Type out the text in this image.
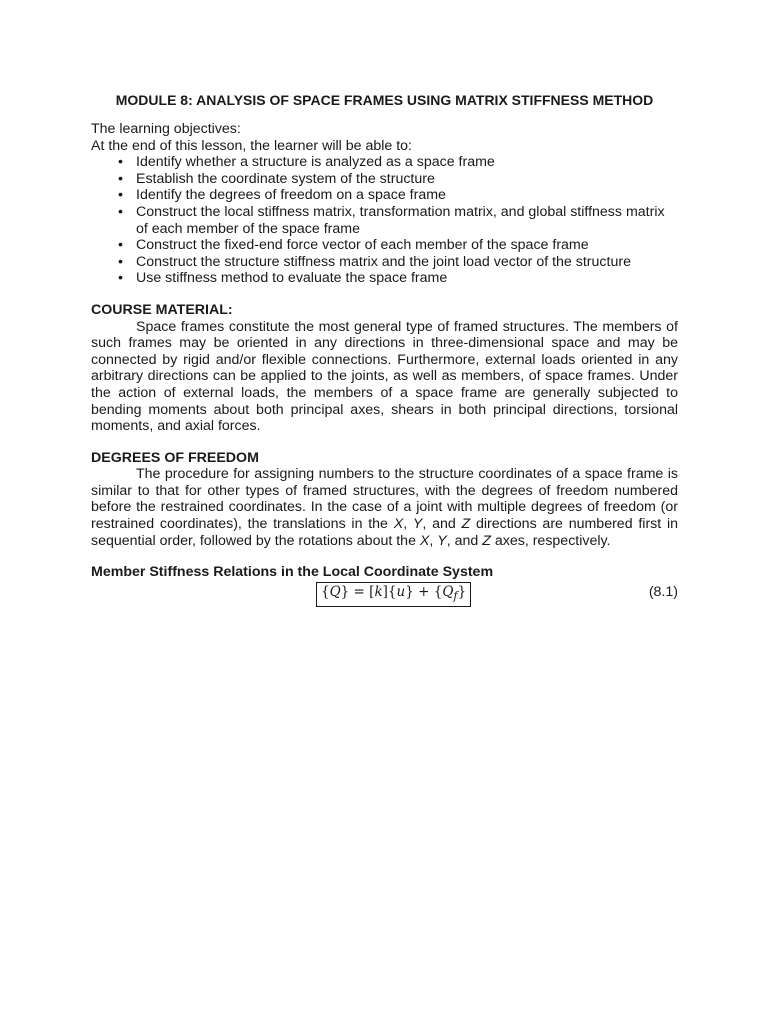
MODULE 8: ANALYSIS OF SPACE FRAMES USING MATRIX STIFFNESS METHOD

The learning objectives:

At the end of this lesson, the learner will be able to:

• Identify whether a structure is analyzed as a space frame
• Establish the coordinate system of the structure
• Identify the degrees of freedom on a space frame
• Construct the local stiffness matrix, transformation matrix, and global stiffness matrix of each member of the space frame
• Construct the fixed-end force vector of each member of the space frame
• Construct the structure stiffness matrix and the joint load vector of the structure
• Use stiffness method to evaluate the space frame

COURSE MATERIAL:

Space frames constitute the most general type of framed structures. The members of such frames may be oriented in any directions in three-dimensional space and may be connected by rigid and/or flexible connections. Furthermore, external loads oriented in any arbitrary directions can be applied to the joints, as well as members, of space frames. Under the action of external loads, the members of a space frame are generally subjected to bending moments about both principal axes, shears in both principal directions, torsional moments, and axial forces.

DEGREES OF FREEDOM

The procedure for assigning numbers to the structure coordinates of a space frame is similar to that for other types of framed structures, with the degrees of freedom numbered before the restrained coordinates. In the case of a joint with multiple degrees of freedom (or restrained coordinates), the translations in the X, Y, and Z directions are numbered first in sequential order, followed by the rotations about the X, Y, and Z axes, respectively.

Member Stiffness Relations in the Local Coordinate System

$\{Q\} = [k]\{u\} + \{Q_f\}$	(8.1)
